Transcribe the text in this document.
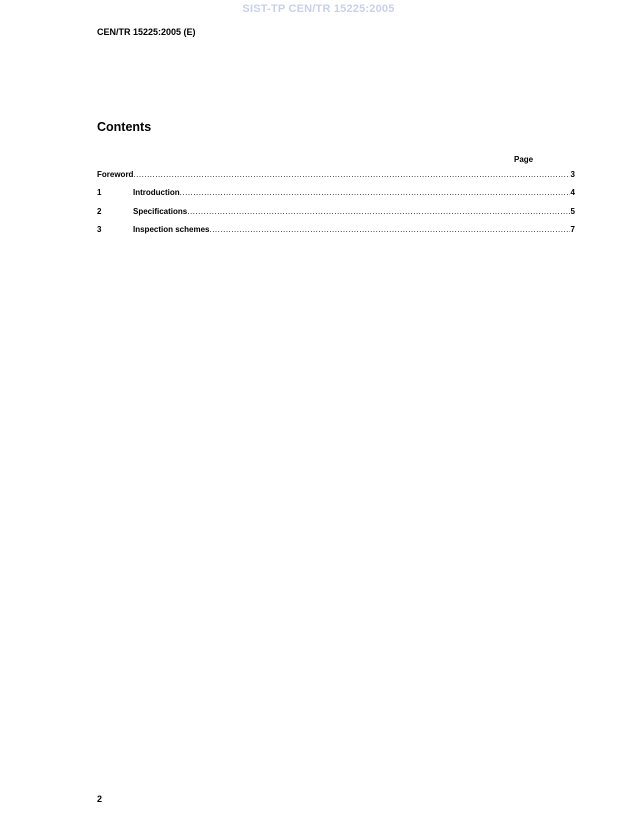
SIST-TP CEN/TR 15225:2005
CEN/TR 15225:2005 (E)
Contents
Page
Foreword .....	3
1	Introduction .....	4
2	Specifications .....	5
3	Inspection schemes .....	7
2
